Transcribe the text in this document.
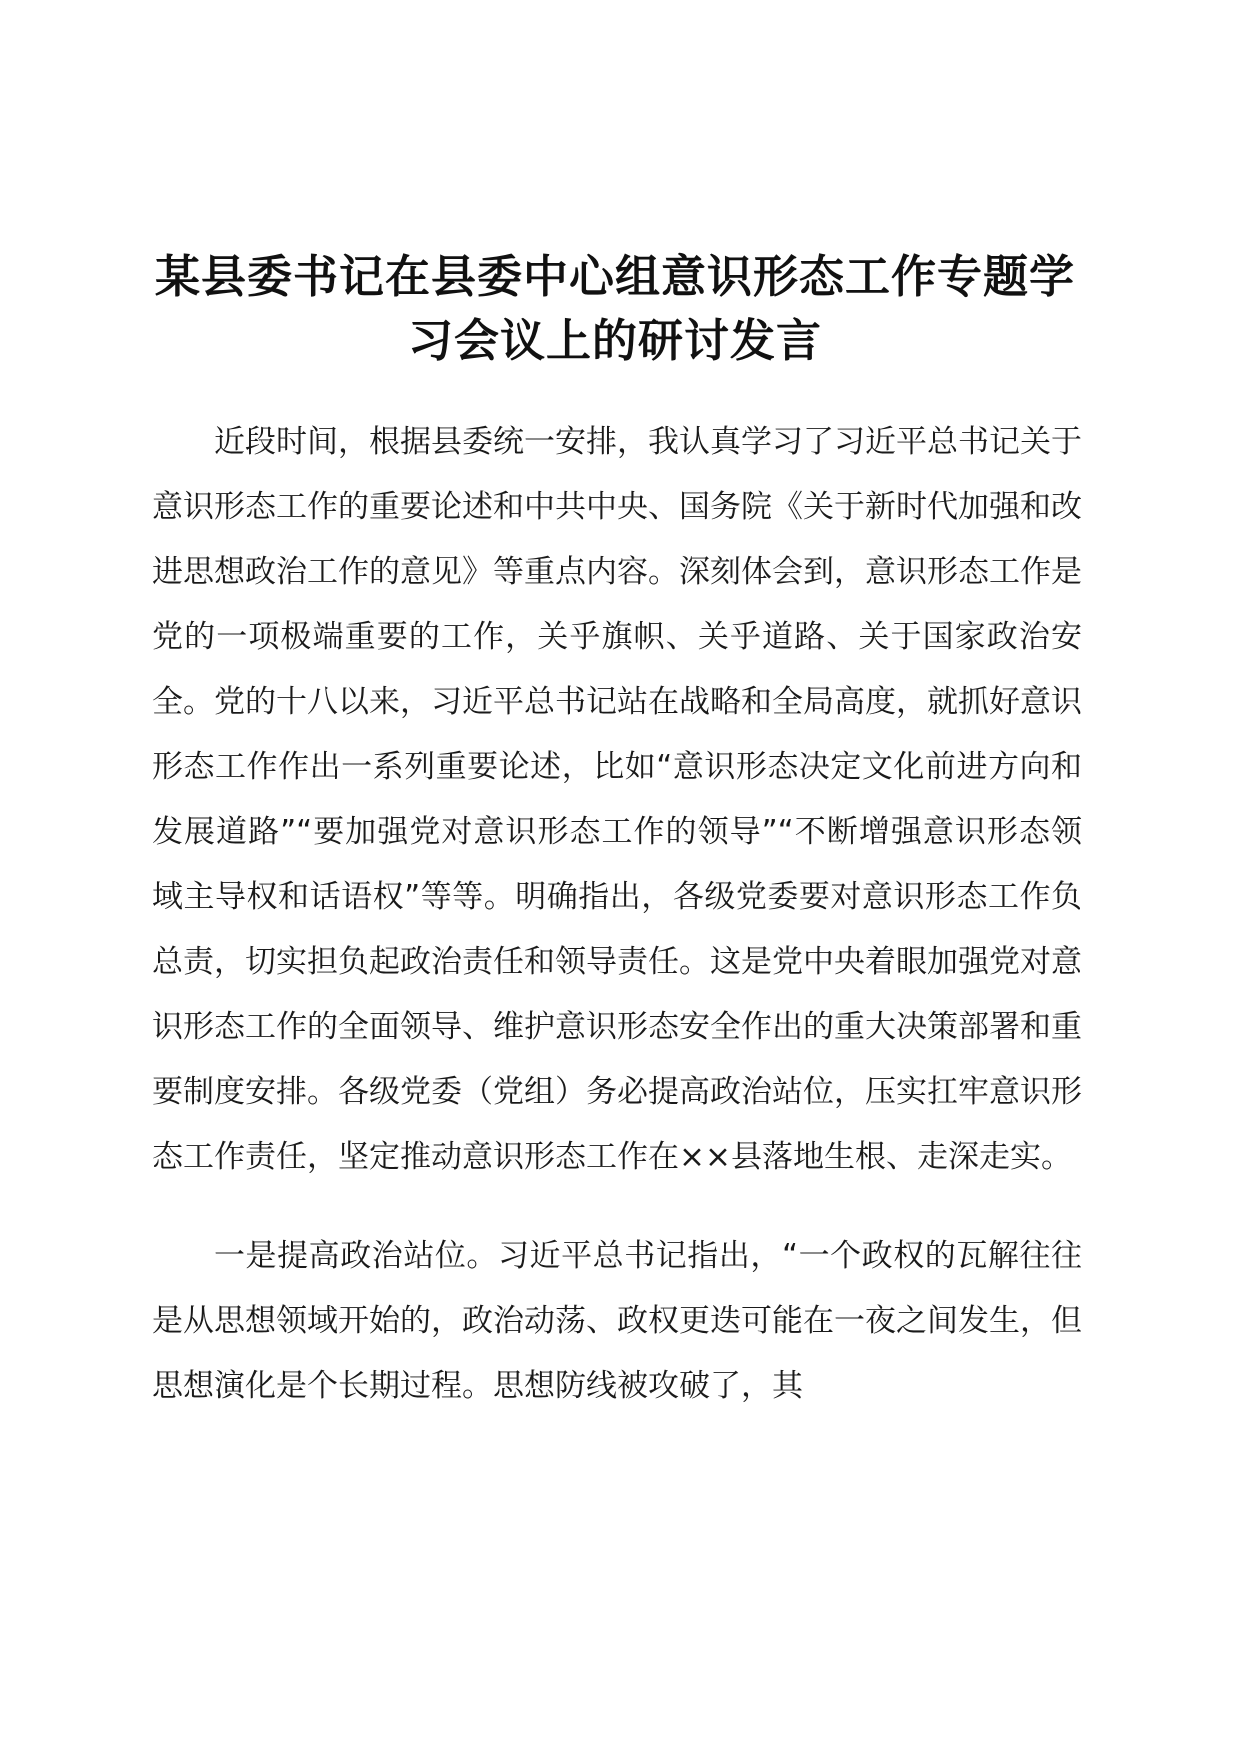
某县委书记在县委中心组意识形态工作专题学习会议上的研讨发言

近段时间，根据县委统一安排，我认真学习了习近平总书记关于意识形态工作的重要论述和中共中央、国务院《关于新时代加强和改进思想政治工作的意见》等重点内容。深刻体会到，意识形态工作是党的一项极端重要的工作，关乎旗帜、关乎道路、关于国家政治安全。党的十八以来，习近平总书记站在战略和全局高度，就抓好意识形态工作作出一系列重要论述，比如“意识形态决定文化前进方向和发展道路”“要加强党对意识形态工作的领导”“不断增强意识形态领域主导权和话语权”等等。明确指出，各级党委要对意识形态工作负总责，切实担负起政治责任和领导责任。这是党中央着眼加强党对意识形态工作的全面领导、维护意识形态安全作出的重大决策部署和重要制度安排。各级党委（党组）务必提高政治站位，压实扛牢意识形态工作责任，坚定推动意识形态工作在××县落地生根、走深走实。

一是提高政治站位。习近平总书记指出，“一个政权的瓦解往往是从思想领域开始的，政治动荡、政权更迭可能在一夜之间发生，但思想演化是个长期过程。思想防线被攻破了，其
